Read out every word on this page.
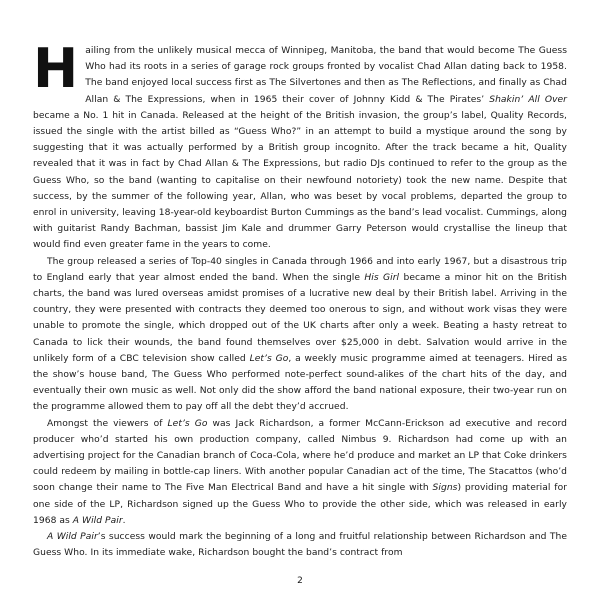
Hailing from the unlikely musical mecca of Winnipeg, Manitoba, the band that would become The Guess Who had its roots in a series of garage rock groups fronted by vocalist Chad Allan dating back to 1958. The band enjoyed local success first as The Silvertones and then as The Reflections, and finally as Chad Allan & The Expressions, when in 1965 their cover of Johnny Kidd & The Pirates’ Shakin’ All Over became a No. 1 hit in Canada. Released at the height of the British invasion, the group’s label, Quality Records, issued the single with the artist billed as “Guess Who?” in an attempt to build a mystique around the song by suggesting that it was actually performed by a British group incognito. After the track became a hit, Quality revealed that it was in fact by Chad Allan & The Expressions, but radio DJs continued to refer to the group as the Guess Who, so the band (wanting to capitalise on their newfound notoriety) took the new name. Despite that success, by the summer of the following year, Allan, who was beset by vocal problems, departed the group to enrol in university, leaving 18-year-old keyboardist Burton Cummings as the band’s lead vocalist. Cummings, along with guitarist Randy Bachman, bassist Jim Kale and drummer Garry Peterson would crystallise the lineup that would find even greater fame in the years to come.

The group released a series of Top-40 singles in Canada through 1966 and into early 1967, but a disastrous trip to England early that year almost ended the band. When the single His Girl became a minor hit on the British charts, the band was lured overseas amidst promises of a lucrative new deal by their British label. Arriving in the country, they were presented with contracts they deemed too onerous to sign, and without work visas they were unable to promote the single, which dropped out of the UK charts after only a week. Beating a hasty retreat to Canada to lick their wounds, the band found themselves over $25,000 in debt. Salvation would arrive in the unlikely form of a CBC television show called Let’s Go, a weekly music programme aimed at teenagers. Hired as the show’s house band, The Guess Who performed note-perfect sound-alikes of the chart hits of the day, and eventually their own music as well. Not only did the show afford the band national exposure, their two-year run on the programme allowed them to pay off all the debt they’d accrued.

Amongst the viewers of Let’s Go was Jack Richardson, a former McCann-Erickson ad executive and record producer who’d started his own production company, called Nimbus 9. Richardson had come up with an advertising project for the Canadian branch of Coca-Cola, where he’d produce and market an LP that Coke drinkers could redeem by mailing in bottle-cap liners. With another popular Canadian act of the time, The Stacattos (who’d soon change their name to The Five Man Electrical Band and have a hit single with Signs) providing material for one side of the LP, Richardson signed up the Guess Who to provide the other side, which was released in early 1968 as A Wild Pair.

A Wild Pair’s success would mark the beginning of a long and fruitful relationship between Richardson and The Guess Who. In its immediate wake, Richardson bought the band’s contract from

2
